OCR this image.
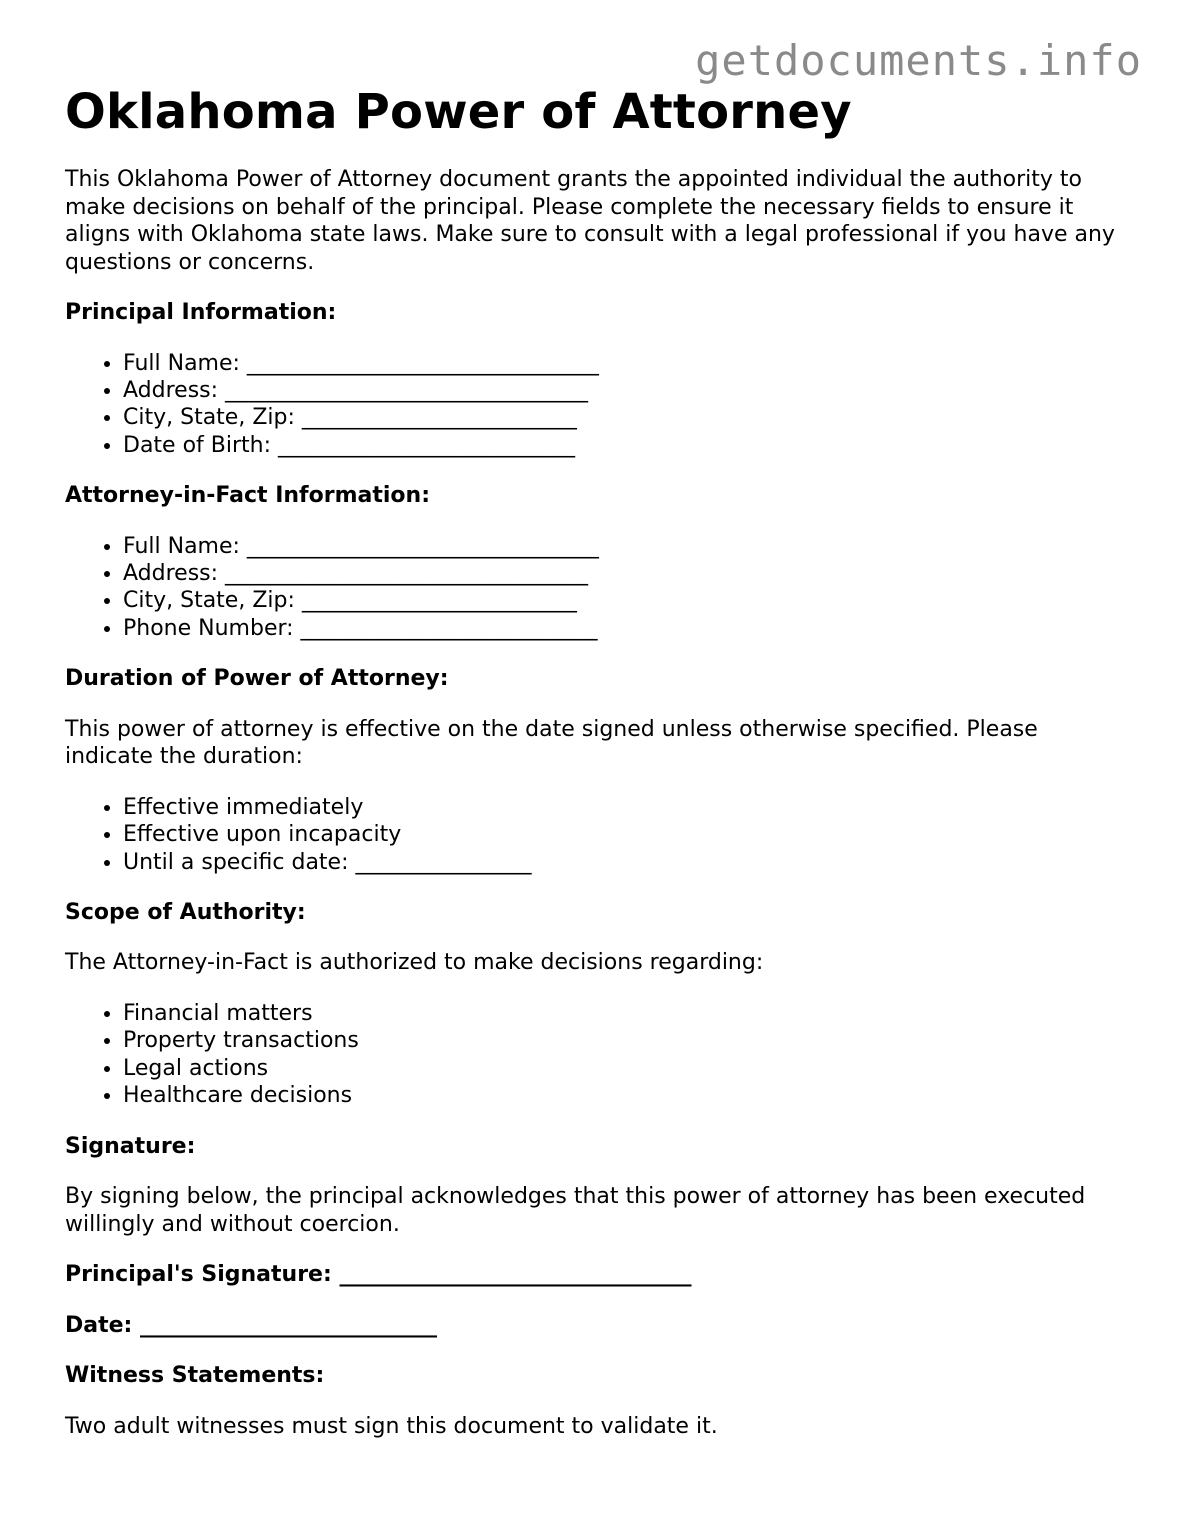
getdocuments.info
Oklahoma Power of Attorney

This Oklahoma Power of Attorney document grants the appointed individual the authority to make decisions on behalf of the principal. Please complete the necessary fields to ensure it aligns with Oklahoma state laws. Make sure to consult with a legal professional if you have any questions or concerns.

Principal Information:
• Full Name: ________________________________
• Address: _________________________________
• City, State, Zip: _________________________
• Date of Birth: ___________________________
Attorney-in-Fact Information:
• Full Name: ________________________________
• Address: _________________________________
• City, State, Zip: _________________________
• Phone Number: ___________________________
Duration of Power of Attorney:

This power of attorney is effective on the date signed unless otherwise specified. Please indicate the duration:

• Effective immediately
• Effective upon incapacity
• Until a specific date: ________________
Scope of Authority:

The Attorney-in-Fact is authorized to make decisions regarding:

• Financial matters
• Property transactions
• Legal actions
• Healthcare decisions
Signature:

By signing below, the principal acknowledges that this power of attorney has been executed willingly and without coercion.

Principal's Signature: ________________________________
Date: ___________________________
Witness Statements:

Two adult witnesses must sign this document to validate it.
